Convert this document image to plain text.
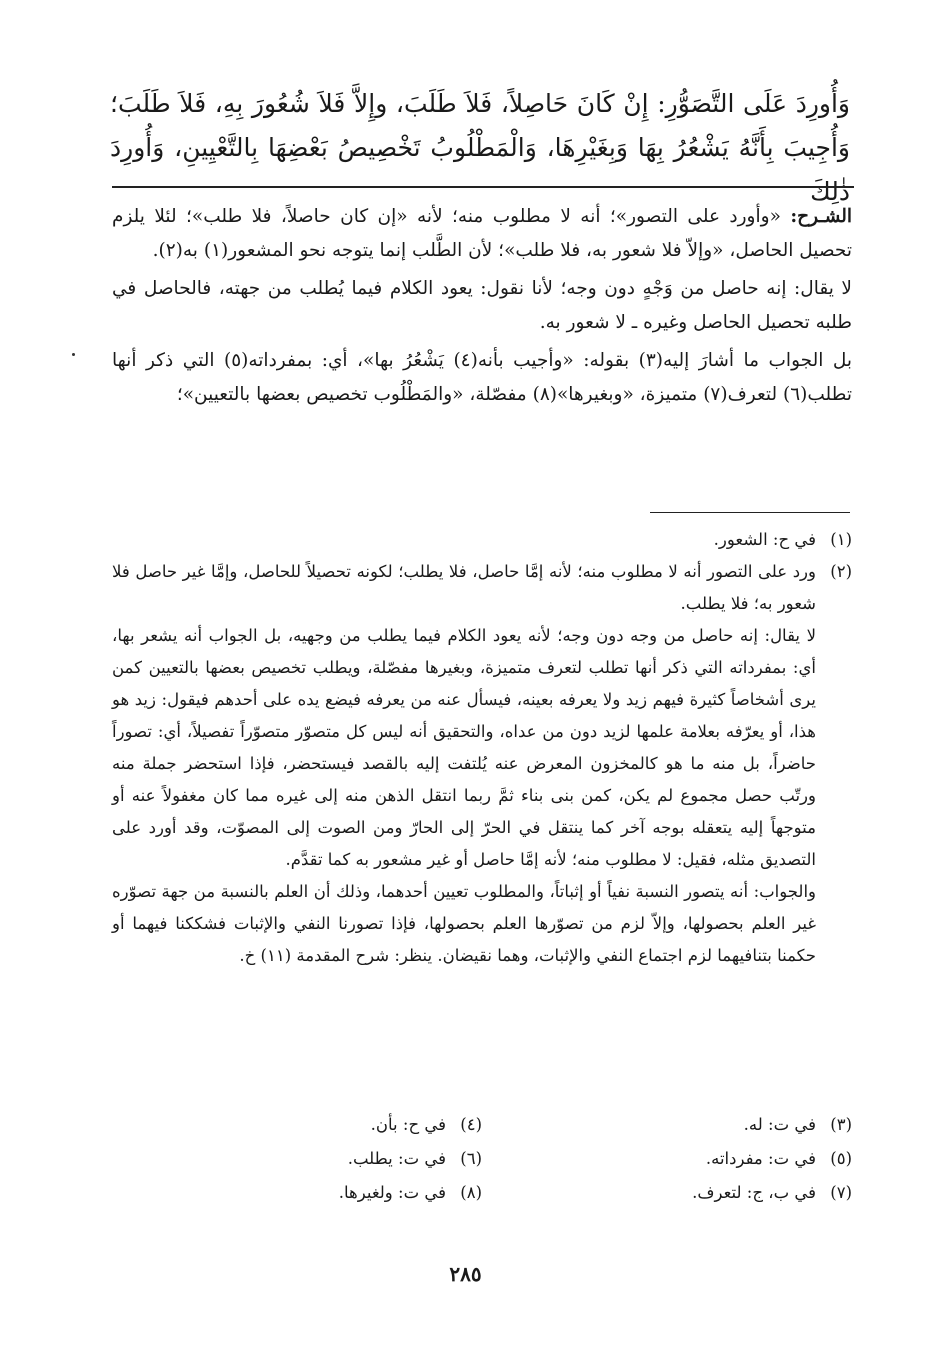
وَأُورِدَ عَلَى التَّصَوُّرِ: إِنْ كَانَ حَاصِلاً، فَلاَ طَلَبَ، وإِلاَّ فَلاَ شُعُورَ بِهِ، فَلاَ طَلَبَ؛
وَأُجِيبَ بِأَنَّهُ يَشْعُرُ بِهَا وَبِغَيْرِهَا، وَالْمَطْلُوبُ تَخْصِيصُ بَعْضِهَا بِالتَّعْيِينِ، وَأُورِدَ ذٰلِكَ

الشـرح: «وأورد على التصور»؛ أنه لا مطلوب منه؛ لأنه «إن كان حاصلاً، فلا طلب»؛ لئلا يلزم تحصيل الحاصل، «وإلاّ فلا شعور به، فلا طلب»؛ لأن الطَّلب إنما يتوجه نحو المشعور(١) به(٢).

لا يقال: إنه حاصل من وَجْهٍ دون وجه؛ لأنا نقول: يعود الكلام فيما يُطلب من جهته، فالحاصل في طلبه تحصيل الحاصل وغيره ـ لا شعور به.

بل الجواب ما أشارَ إليه(٣) بقوله: «وأجيب بأنه(٤) يَشْعُرُ بها»، أي: بمفرداته(٥) التي ذكر أنها تطلب(٦) لتعرف(٧) متميزة، «وبغيرها»(٨) مفصّلة، «والمَطْلُوب تخصيص بعضها بالتعيين»؛

(١)

في ح: الشعور.

(٢)

ورد على التصور أنه لا مطلوب منه؛ لأنه إمَّا حاصل، فلا يطلب؛ لكونه تحصيلاً للحاصل، وإمَّا غير حاصل فلا شعور به؛ فلا يطلب.

لا يقال: إنه حاصل من وجه دون وجه؛ لأنه يعود الكلام فيما يطلب من وجهيه، بل الجواب أنه يشعر بها، أي: بمفرداته التي ذكر أنها تطلب لتعرف متميزة، وبغيرها مفصّلة، ويطلب تخصيص بعضها بالتعيين كمن يرى أشخاصاً كثيرة فيهم زيد ولا يعرفه بعينه، فيسأل عنه من يعرفه فيضع يده على أحدهم فيقول: زيد هو هذا، أو يعرّفه بعلامة علمها لزيد دون من عداه، والتحقيق أنه ليس كل متصوّر متصوّراً تفصيلاً، أي: تصوراً حاضراً، بل منه ما هو كالمخزون المعرض عنه يُلتفت إليه بالقصد فيستحضر، فإذا استحضر جملة منه ورتّب حصل مجموع لم يكن، كمن بنى بناء ثمَّ ربما انتقل الذهن منه إلى غيره مما كان مغفولاً عنه أو متوجهاً إليه يتعقله بوجه آخر كما ينتقل في الحرّ إلى الحارّ ومن الصوت إلى المصوّت، وقد أورد على التصديق مثله، فقيل: لا مطلوب منه؛ لأنه إمَّا حاصل أو غير مشعور به كما تقدَّم.

والجواب: أنه يتصور النسبة نفياً أو إثباتاً، والمطلوب تعيين أحدهما، وذلك أن العلم بالنسبة من جهة تصوّره غير العلم بحصولها، وإلاّ لزم من تصوّرها العلم بحصولها، فإذا تصورنا النفي والإثبات فشككنا فيهما أو حكمنا بتنافيهما لزم اجتماع النفي والإثبات، وهما نقيضان. ينظر: شرح المقدمة (١١) خ.

(٣)
في ت: له.
(٤)
في ح: بأن.
(٥)
في ت: مفرداته.
(٦)
في ت: يطلب.
(٧)
في ب، ج: لتعرف.
(٨)
في ت: ولغيرها.
٢٨٥
